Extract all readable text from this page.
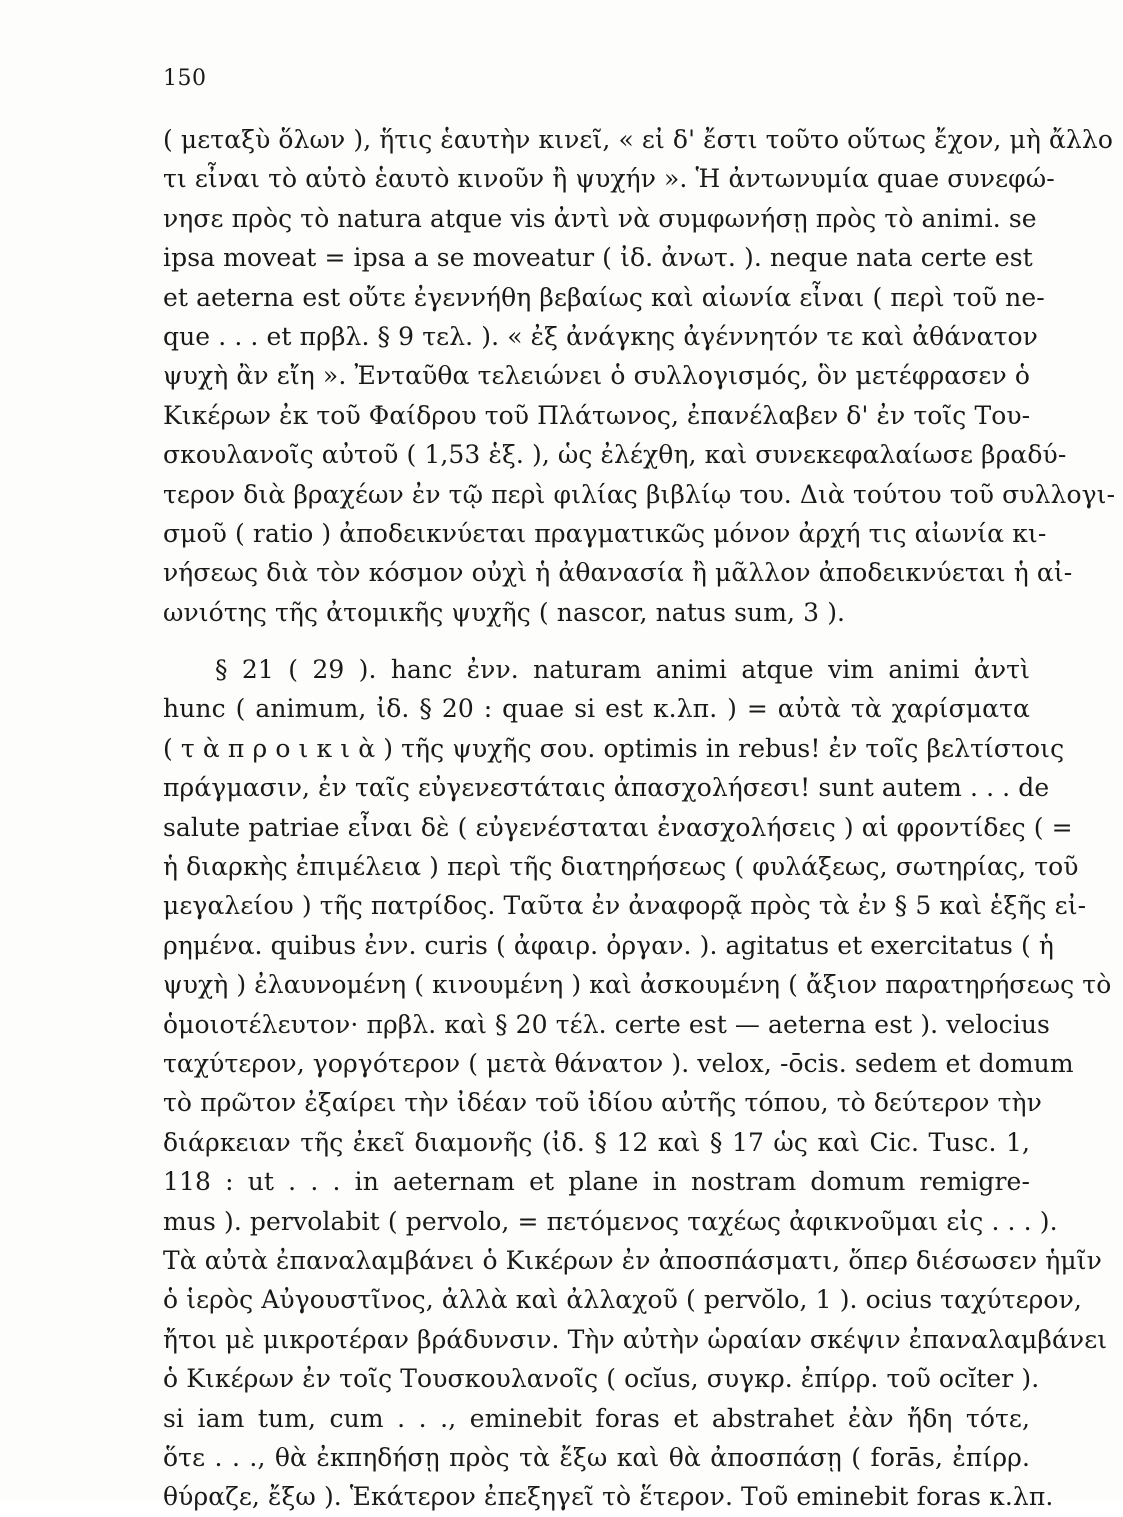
150

( μεταξὺ ὅλων ), ἥτις ἑαυτὴν κινεῖ, « εἰ δ' ἔστι τοῦτο οὕτως ἔχον, μὴ ἄλλο
τι εἶναι τὸ αὐτὸ ἑαυτὸ κινοῦν ἢ ψυχήν ». Ἡ ἀντωνυμία quae συνεφώ-
νησε πρὸς τὸ natura atque vis ἀντὶ νὰ συμφωνήσῃ πρὸς τὸ animi. se
ipsa moveat = ipsa a se moveatur ( ἰδ. ἀνωτ. ). neque nata certe est
et aeterna est οὔτε ἐγεννήθη βεβαίως καὶ αἰωνία εἶναι ( περὶ τοῦ ne-
que . . . et πρβλ. § 9 τελ. ). « ἐξ ἀνάγκης ἀγέννητόν τε καὶ ἀθάνατον
ψυχὴ ἂν εἴη ». Ἐνταῦθα τελειώνει ὁ συλλογισμός, ὃν μετέφρασεν ὁ
Κικέρων ἐκ τοῦ Φαίδρου τοῦ Πλάτωνος, ἐπανέλαβεν δ' ἐν τοῖς Του-
σκουλανοῖς αὐτοῦ ( 1,53 ἑξ. ), ὡς ἐλέχθη, καὶ συνεκεφαλαίωσε βραδύ-
τερον διὰ βραχέων ἐν τῷ περὶ φιλίας βιβλίῳ του. Διὰ τούτου τοῦ συλλογι-
σμοῦ ( ratio ) ἀποδεικνύεται πραγματικῶς μόνον ἀρχή τις αἰωνία κι-
νήσεως διὰ τὸν κόσμον οὐχὶ ἡ ἀθανασία ἢ μᾶλλον ἀποδεικνύεται ἡ αἰ-
ωνιότης τῆς ἀτομικῆς ψυχῆς ( nascor, natus sum, 3 ).

§ 21 ( 29 ). hanc ἐνν. naturam animi atque vim animi ἀντὶ
hunc ( animum, ἰδ. § 20 : quae si est κ.λπ. ) = αὐτὰ τὰ χαρίσματα
( τ ὰ π ρ ο ι κ ι ὰ ) τῆς ψυχῆς σου. optimis in rebus! ἐν τοῖς βελτίστοις
πράγμασιν, ἐν ταῖς εὐγενεστάταις ἀπασχολήσεσι! sunt autem . . . de
salute patriae εἶναι δὲ ( εὐγενέσταται ἐνασχολήσεις ) αἱ φροντίδες ( =
ἡ διαρκὴς ἐπιμέλεια ) περὶ τῆς διατηρήσεως ( φυλάξεως, σωτηρίας, τοῦ
μεγαλείου ) τῆς πατρίδος. Ταῦτα ἐν ἀναφορᾷ πρὸς τὰ ἐν § 5 καὶ ἑξῆς εἰ-
ρημένα. quibus ἐνν. curis ( ἀφαιρ. ὀργαν. ). agitatus et exercitatus ( ἡ
ψυχὴ ) ἐλαυνομένη ( κινουμένη ) καὶ ἀσκουμένη ( ἄξιον παρατηρήσεως τὸ
ὁμοιοτέλευτον· πρβλ. καὶ § 20 τέλ. certe est — aeterna est ). velocius
ταχύτερον, γοργότερον ( μετὰ θάνατον ). velox, -ōcis. sedem et domum
τὸ πρῶτον ἐξαίρει τὴν ἰδέαν τοῦ ἰδίου αὐτῆς τόπου, τὸ δεύτερον τὴν
διάρκειαν τῆς ἐκεῖ διαμονῆς (ἰδ. § 12 καὶ § 17 ὡς καὶ Cic. Tusc. 1,
118 : ut . . . in aeternam et plane in nostram domum remigre-
mus ). pervolabit ( pervolo, = πετόμενος ταχέως ἀφικνοῦμαι εἰς . . . ).
Τὰ αὐτὰ ἐπαναλαμβάνει ὁ Κικέρων ἐν ἀποσπάσματι, ὅπερ διέσωσεν ἡμῖν
ὁ ἱερὸς Αὐγουστῖνος, ἀλλὰ καὶ ἀλλαχοῦ ( pervŏlo, 1 ). ocius ταχύτερον,
ἤτοι μὲ μικροτέραν βράδυνσιν. Τὴν αὐτὴν ὡραίαν σκέψιν ἐπαναλαμβάνει
ὁ Κικέρων ἐν τοῖς Τουσκουλανοῖς ( ocĭus, συγκρ. ἐπίρρ. τοῦ ocĭter ).
si iam tum, cum . . ., eminebit foras et abstrahet ἐὰν ἤδη τότε,
ὅτε . . ., θὰ ἐκπηδήσῃ πρὸς τὰ ἔξω καὶ θὰ ἀποσπάσῃ ( forās, ἐπίρρ.
θύραζε, ἔξω ). Ἑκάτερον ἐπεξηγεῖ τὸ ἕτερον. Τοῦ eminebit foras κ.λπ.
